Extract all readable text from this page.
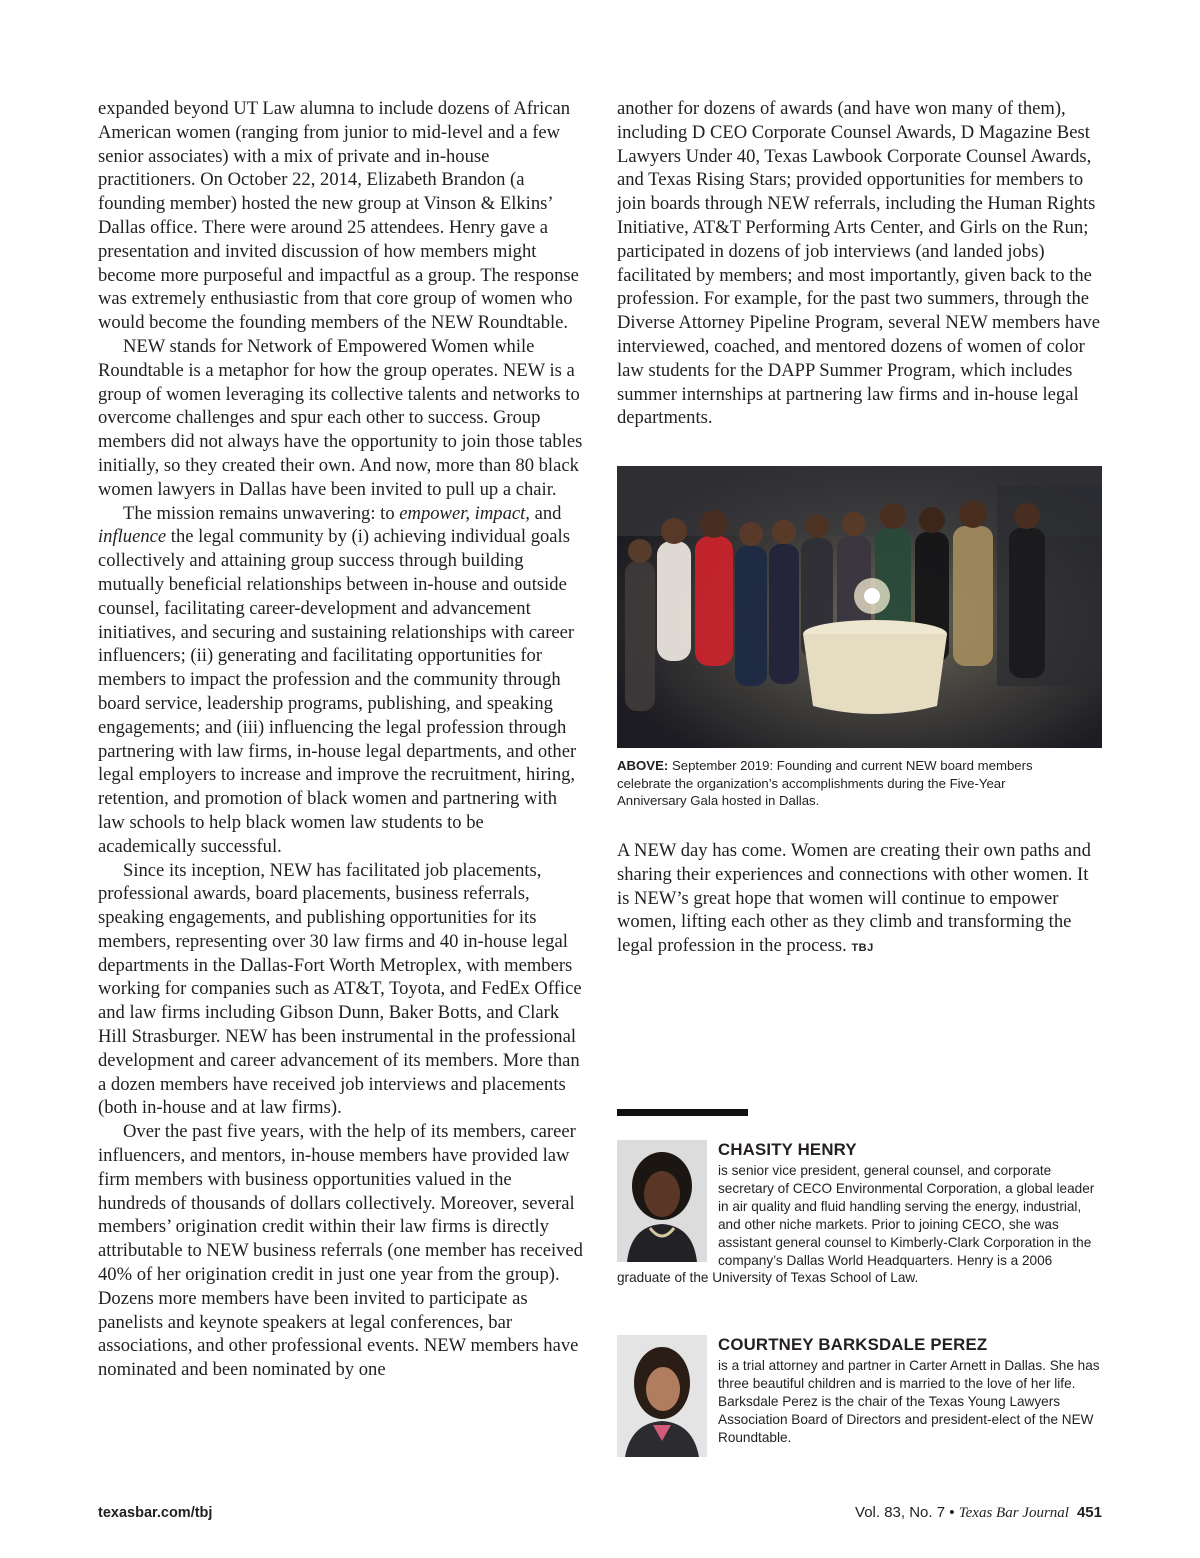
expanded beyond UT Law alumna to include dozens of African American women (ranging from junior to mid-level and a few senior associates) with a mix of private and in-house practitioners. On October 22, 2014, Elizabeth Brandon (a founding member) hosted the new group at Vinson & Elkins’ Dallas office. There were around 25 attendees. Henry gave a presentation and invited discussion of how members might become more purposeful and impactful as a group. The response was extremely enthusiastic from that core group of women who would become the founding members of the NEW Roundtable.

NEW stands for Network of Empowered Women while Roundtable is a metaphor for how the group operates. NEW is a group of women leveraging its collective talents and networks to overcome challenges and spur each other to success. Group members did not always have the opportunity to join those tables initially, so they created their own. And now, more than 80 black women lawyers in Dallas have been invited to pull up a chair.

The mission remains unwavering: to empower, impact, and influence the legal community by (i) achieving individual goals collectively and attaining group success through building mutually beneficial relationships between in-house and outside counsel, facilitating career-development and advancement initiatives, and securing and sustaining relationships with career influencers; (ii) generating and facilitating opportunities for members to impact the profession and the community through board service, leadership programs, publishing, and speaking engagements; and (iii) influencing the legal profession through partnering with law firms, in-house legal departments, and other legal employers to increase and improve the recruitment, hiring, retention, and promotion of black women and partnering with law schools to help black women law students to be academically successful.

Since its inception, NEW has facilitated job placements, professional awards, board placements, business referrals, speaking engagements, and publishing opportunities for its members, representing over 30 law firms and 40 in-house legal departments in the Dallas-Fort Worth Metroplex, with members working for companies such as AT&T, Toyota, and FedEx Office and law firms including Gibson Dunn, Baker Botts, and Clark Hill Strasburger. NEW has been instrumental in the professional development and career advancement of its members. More than a dozen members have received job interviews and placements (both in-house and at law firms).

Over the past five years, with the help of its members, career influencers, and mentors, in-house members have provided law firm members with business opportunities valued in the hundreds of thousands of dollars collectively. Moreover, several members’ origination credit within their law firms is directly attributable to NEW business referrals (one member has received 40% of her origination credit in just one year from the group). Dozens more members have been invited to participate as panelists and keynote speakers at legal conferences, bar associations, and other professional events. NEW members have nominated and been nominated by one

another for dozens of awards (and have won many of them), including D CEO Corporate Counsel Awards, D Magazine Best Lawyers Under 40, Texas Lawbook Corporate Counsel Awards, and Texas Rising Stars; provided opportunities for members to join boards through NEW referrals, including the Human Rights Initiative, AT&T Performing Arts Center, and Girls on the Run; participated in dozens of job interviews (and landed jobs) facilitated by members; and most importantly, given back to the profession. For example, for the past two summers, through the Diverse Attorney Pipeline Program, several NEW members have interviewed, coached, and mentored dozens of women of color law students for the DAPP Summer Program, which includes summer internships at partnering law firms and in-house legal departments.

ABOVE: September 2019: Founding and current NEW board members celebrate the organization’s accomplishments during the Five-Year Anniversary Gala hosted in Dallas.

A NEW day has come. Women are creating their own paths and sharing their experiences and connections with other women. It is NEW’s great hope that women will continue to empower women, lifting each other as they climb and transforming the legal profession in the process. TBJ

CHASITY HENRY
is senior vice president, general counsel, and corporate secretary of CECO Environmental Corporation, a global leader in air quality and fluid handling serving the energy, industrial, and other niche markets. Prior to joining CECO, she was assistant general counsel to Kimberly-Clark Corporation in the company’s Dallas World Headquarters. Henry is a 2006 graduate of the University of Texas School of Law.
COURTNEY BARKSDALE PEREZ
is a trial attorney and partner in Carter Arnett in Dallas. She has three beautiful children and is married to the love of her life. Barksdale Perez is the chair of the Texas Young Lawyers Association Board of Directors and president-elect of the NEW Roundtable.
texasbar.com/tbj	Vol. 83, No. 7 • Texas Bar Journal 451
